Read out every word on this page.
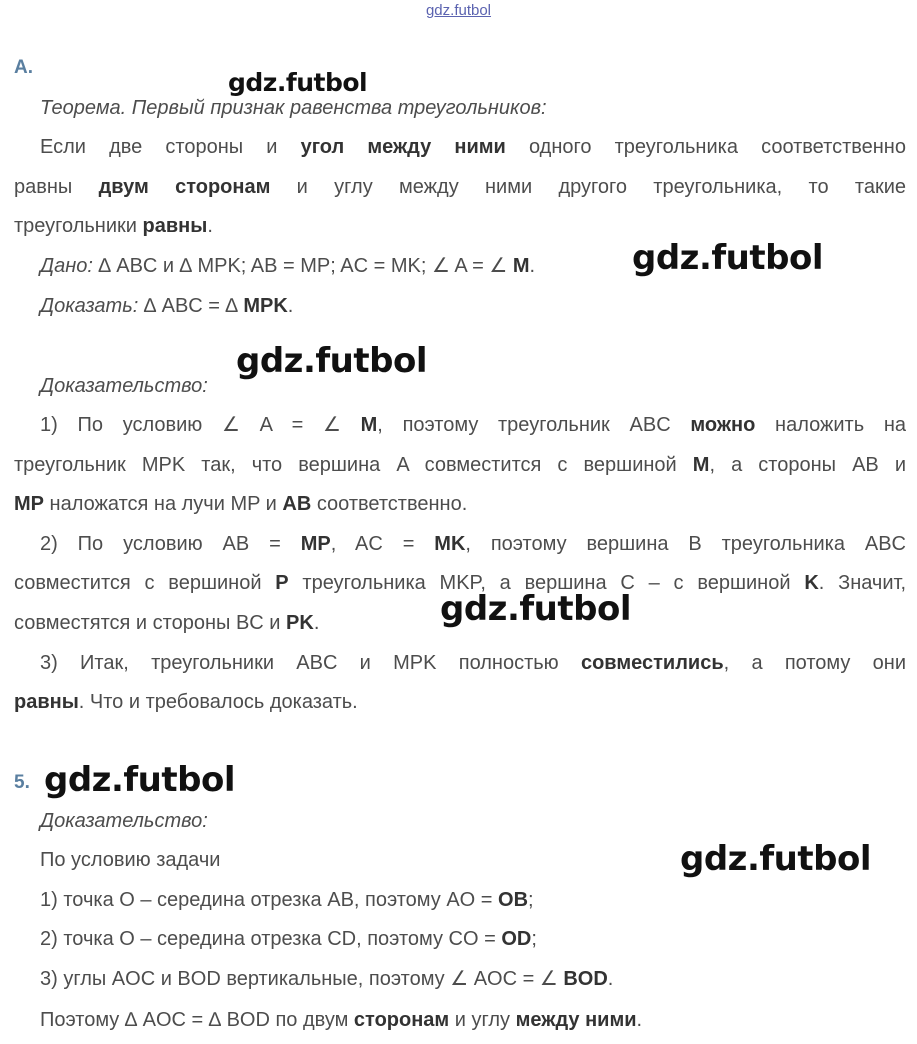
gdz.futbol
A.
gdz.futbol
Теорема. Первый признак равенства треугольников:
Если две стороны и угол между ними одного треугольника соответственно
равны двум сторонам и углу между ними другого треугольника, то такие
треугольники равны.
Дано: ∆ ABC и ∆ MPK; AB = MP; AC = MK; ∠ A = ∠ M.	gdz.futbol
Доказать: ∆ ABC = ∆ MPK.
gdz.futbol
Доказательство:
1) По условию ∠ A = ∠ M, поэтому треугольник ABC можно наложить на
треугольник MPK так, что вершина A совместится с вершиной M, а стороны AB и
MP наложатся на лучи MP и AB соответственно.
2) По условию AB = MP, AC = MK, поэтому вершина B треугольника ABC
совместится с вершиной P треугольника MKP, а вершина C – с вершиной K. Значит,
совместятся и стороны BC и PK.	gdz.futbol
3) Итак, треугольники ABC и MPK полностью совместились, а потому они
равны. Что и требовалось доказать.
5. gdz.futbol
Доказательство:
По условию задачи	gdz.futbol
1) точка O – середина отрезка AB, поэтому AO = OB;
2) точка O – середина отрезка CD, поэтому CO = OD;
3) углы AOC и BOD вертикальные, поэтому ∠ AOC = ∠ BOD.
Поэтому ∆ AOC = ∆ BOD по двум сторонам и углу между ними.
